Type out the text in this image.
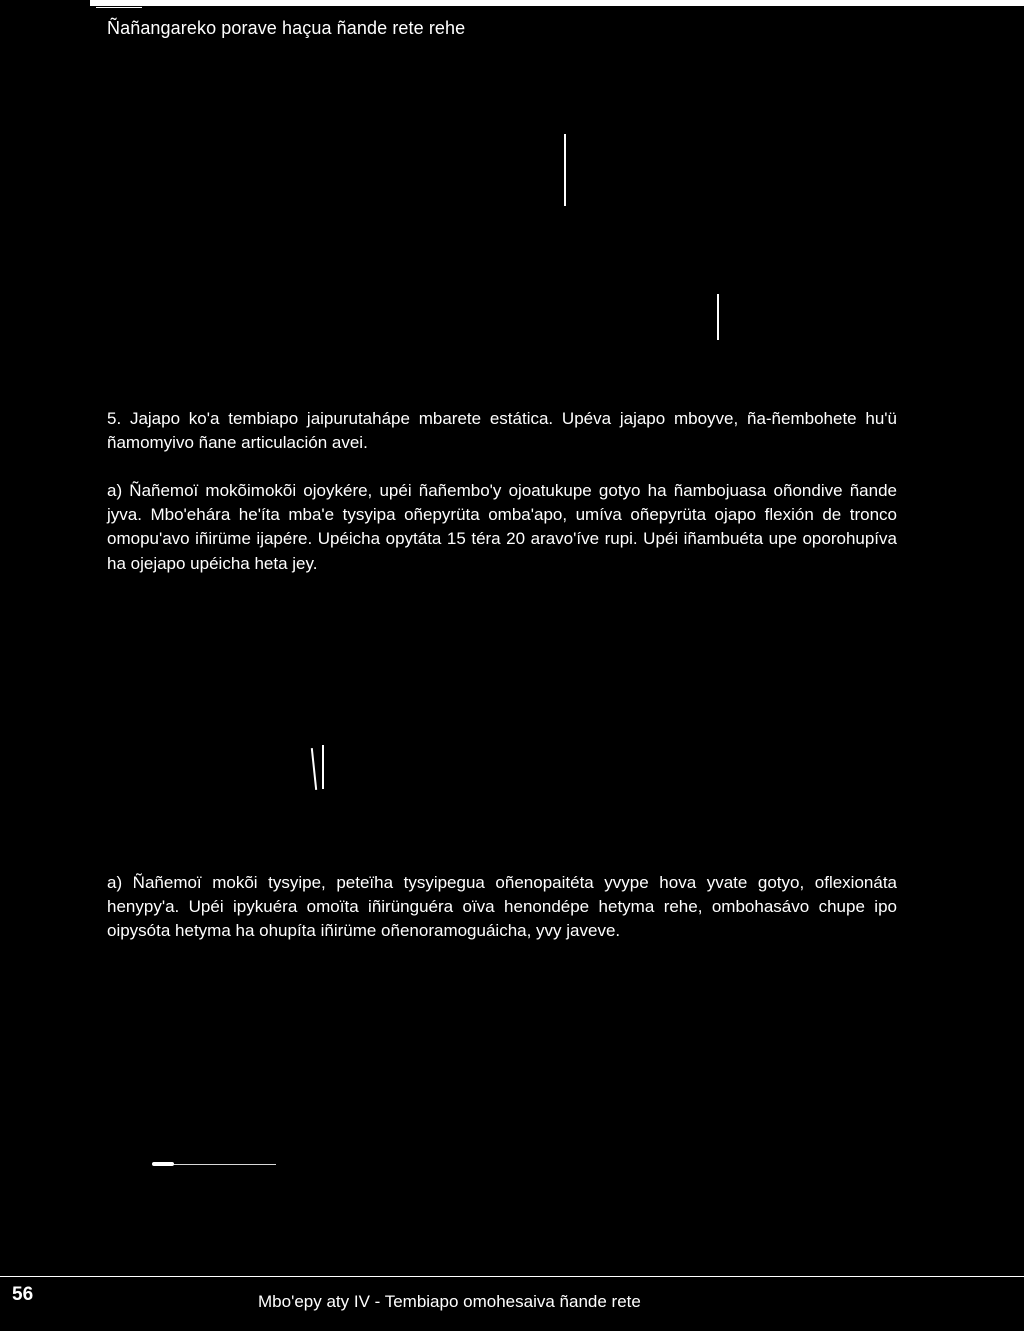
Ñañangareko porave haçua ñande rete rehe

5. Jajapo ko'a tembiapo jaipurutahápe mbarete estática. Upéva jajapo mboyve, ña-ñembohete hu'ü ñamomyivo ñane articulación avei.

a) Ñañemoï mokõimokõi ojoykére, upéi ñañembo'y ojoatukupe gotyo ha ñambojuasa oñondive ñande jyva. Mbo'ehára he'íta mba'e tysyipa oñepyrüta omba'apo, umíva oñepyrüta ojapo flexión de tronco omopu'avo iñirüme ijapére. Upéicha opytáta 15 téra 20 aravo'íve rupi. Upéi iñambuéta upe oporohupíva ha ojejapo upéicha heta jey.

a) Ñañemoï mokõi tysyipe, peteïha tysyipegua oñenopaitéta yvype hova yvate gotyo, oflexionáta henypy'a. Upéi ipykuéra omoïta iñirünguéra oïva henondépe hetyma rehe, ombohasávo chupe ipo oipysóta hetyma ha ohupíta iñirüme oñenoramoguáicha, yvy javeve.

56	Mbo'epy aty IV - Tembiapo omohesaiva ñande rete
